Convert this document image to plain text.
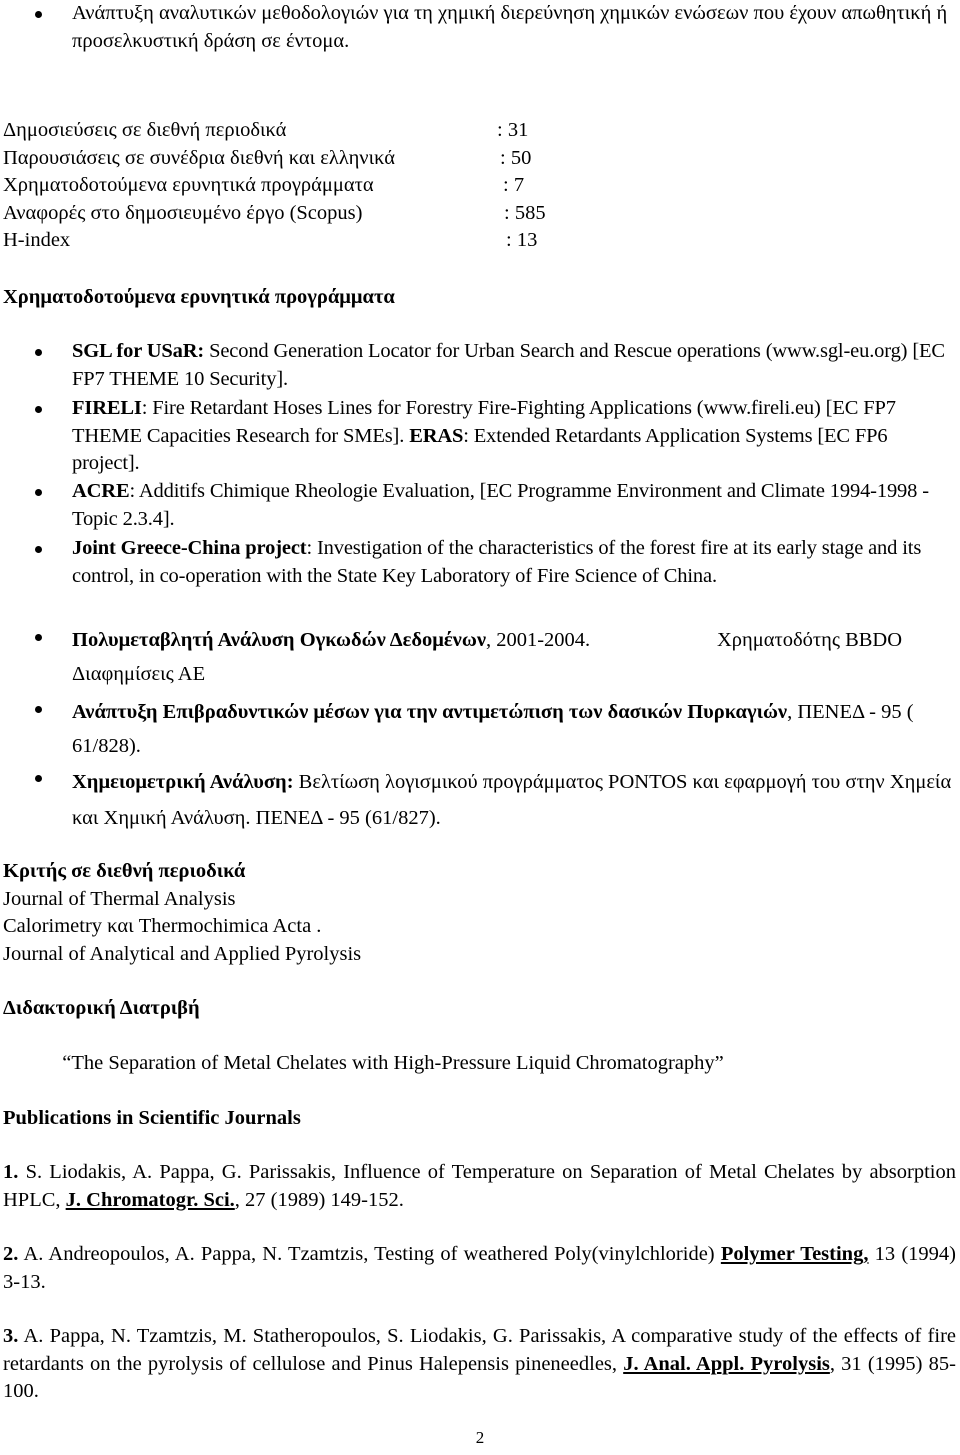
Ανάπτυξη αναλυτικών μεθοδολογιών για τη χημική διερεύνηση χημικών ενώσεων που έχουν απωθητική ή προσελκυστική δράση σε έντομα.
Δημοσιεύσεις σε διεθνή περιοδικά	: 31
Παρουσιάσεις σε συνέδρια διεθνή και ελληνικά	: 50
Χρηματοδοτούμενα ερυνητικά προγράμματα	: 7
Αναφορές στο δημοσιευμένο έργο (Scopus)	: 585
H-index	: 13
Χρηματοδοτούμενα ερυνητικά προγράμματα
SGL for USaR: Second Generation Locator for Urban Search and Rescue operations (www.sgl-eu.org) [EC FP7 THEME 10 Security].
FIRELI: Fire Retardant Hoses Lines for Forestry Fire-Fighting Applications (www.fireli.eu) [EC FP7 THEME Capacities Research for SMEs]. ERAS: Extended Retardants Application Systems [EC FP6 project].
ACRE: Additifs Chimique Rheologie Evaluation, [EC Programme Environment and Climate 1994-1998 - Topic 2.3.4].
Joint Greece-China project: Investigation of the characteristics of the forest fire at its early stage and its control, in co-operation with the State Key Laboratory of Fire Science of China.
Πολυμεταβλητή Ανάλυση Ογκωδών Δεδομένων, 2001-2004.	Χρηματοδότης BBDO

Διαφημίσεις ΑΕ
Ανάπτυξη Επιβραδυντικών μέσων για την αντιμετώπιση των δασικών Πυρκαγιών, ΠΕΝΕΔ - 95 ( 61/828).
Χημειομετρική Ανάλυση: Βελτίωση λογισμικού προγράμματος PONTOS και εφαρμογή του στην Χημεία και Χημική Ανάλυση. ΠΕΝΕΔ - 95 (61/827).
Κριτής σε διεθνή περιοδικά
Journal of Thermal Analysis
Calorimetry και Thermochimica Acta .
Journal of Analytical and Applied Pyrolysis
Διδακτορική Διατριβή
“The Separation of Metal Chelates with High-Pressure Liquid Chromatography”
Publications in Scientific Journals
1. S. Liodakis, A. Pappa, G. Parissakis, Influence of Temperature on Separation of Metal Chelates by absorption HPLC, J. Chromatogr. Sci., 27 (1989) 149-152.
2. A. Andreopoulos, A. Pappa, N. Tzamtzis, Testing of weathered Poly(vinylchloride) Polymer Testing, 13 (1994) 3-13.
3. A. Pappa, N. Tzamtzis, M. Statheropoulos, S. Liodakis, G. Parissakis, A comparative study of the effects of fire retardants on the pyrolysis of cellulose and Pinus Halepensis pineneedles, J. Anal. Appl. Pyrolysis, 31 (1995) 85-100.
2
